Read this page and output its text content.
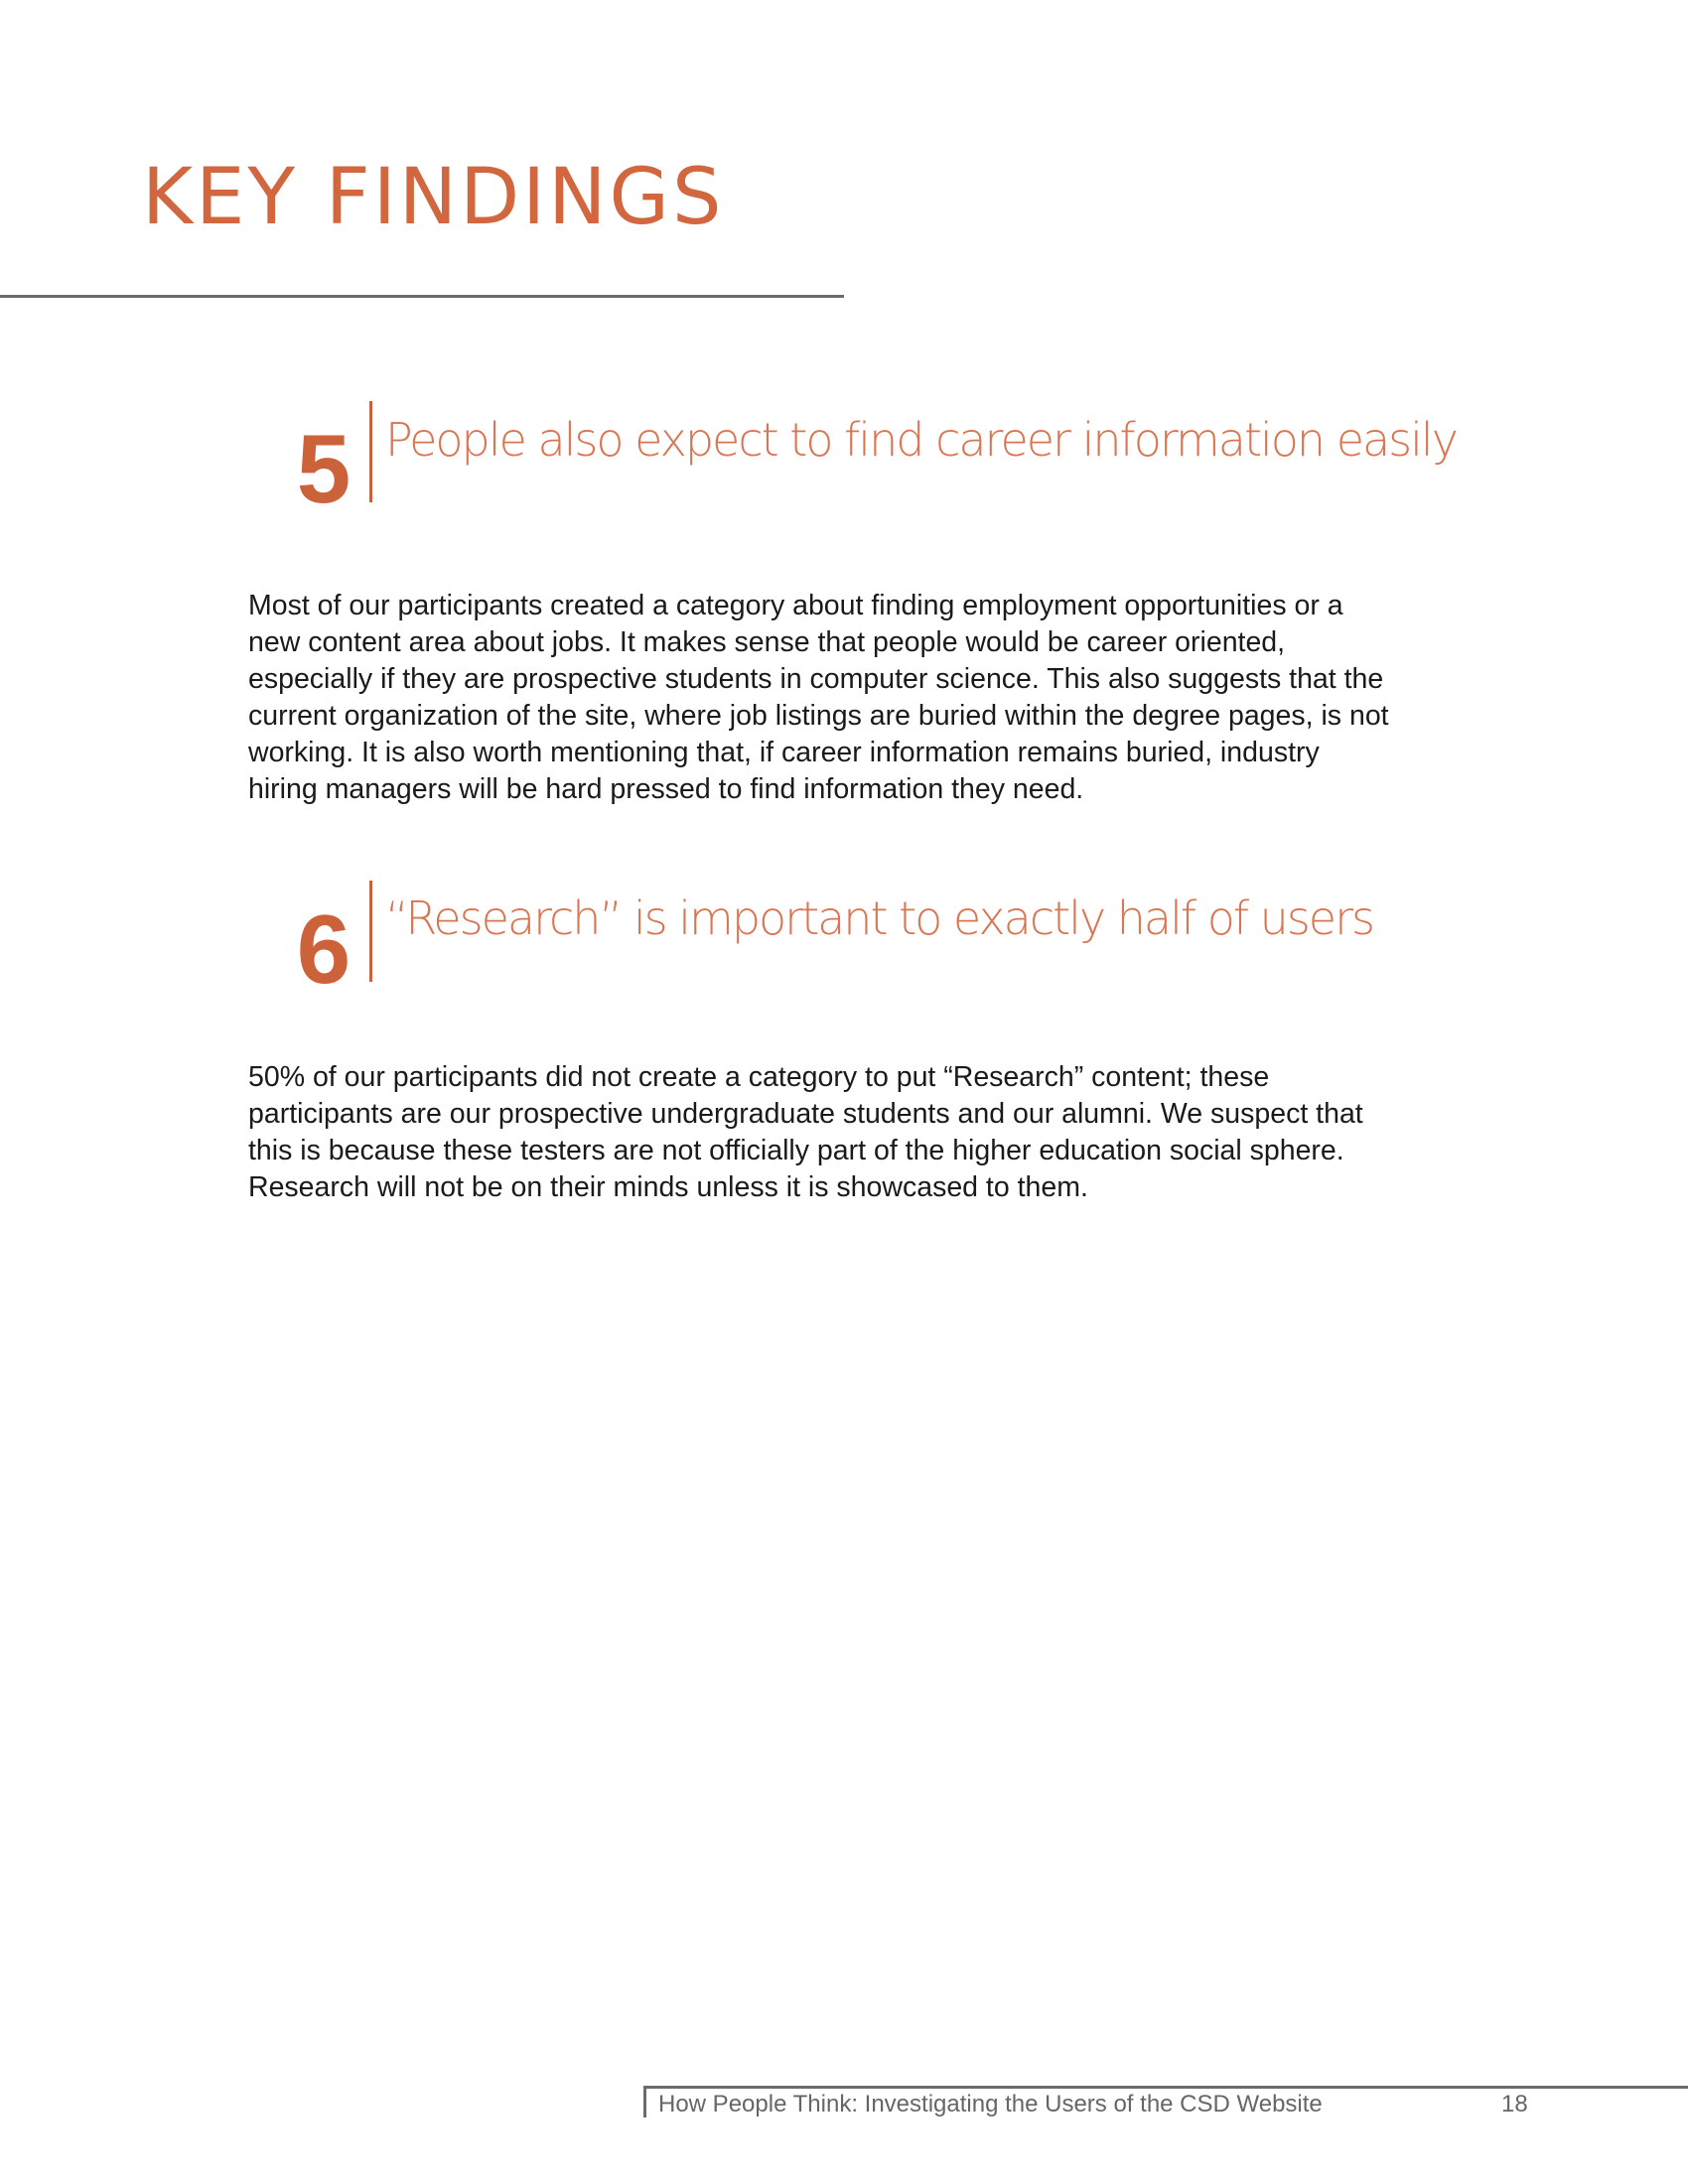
KEY FINDINGS
5 People also expect to find career information easily

Most of our participants created a category about finding employment opportunities or a new content area about jobs. It makes sense that people would be career oriented, especially if they are prospective students in computer science. This also suggests that the current organization of the site, where job listings are buried within the degree pages, is not working. It is also worth mentioning that, if career information remains buried, industry hiring managers will be hard pressed to find information they need.

6 “Research” is important to exactly half of users

50% of our participants did not create a category to put “Research” content; these participants are our prospective undergraduate students and our alumni. We suspect that this is because these testers are not officially part of the higher education social sphere. Research will not be on their minds unless it is showcased to them.

How People Think: Investigating the Users of the CSD Website	18
